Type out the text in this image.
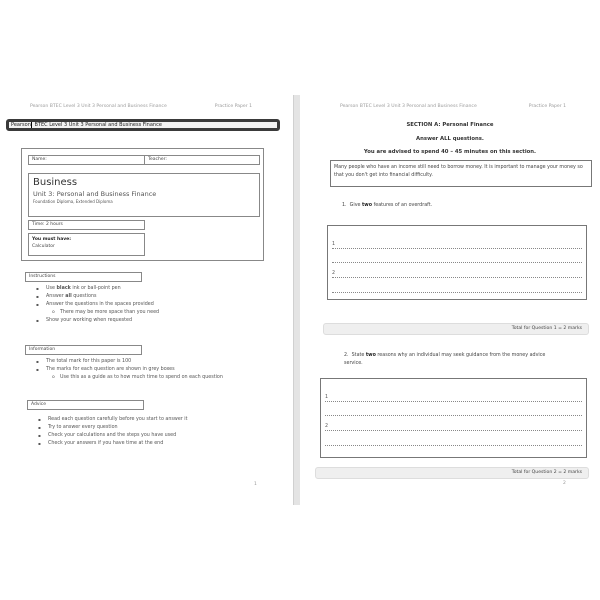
Pearson BTEC Level 3 Unit 3 Personal and Business Finance	Practice Paper 1
Pearson BTEC Level 3 Unit 3 Personal and Business Finance
Name:	Teacher:
Business
Unit 3: Personal and Business Finance
Foundation Diploma, Extended Diploma
Time: 2 hours
You must have:
Calculator
Instructions
▪ Use black ink or ball-point pen
▪ Answer all questions
▪ Answer the questions in the spaces provided
o There may be more space than you need
▪ Show your working when requested
Information
▪ The total mark for this paper is 100
▪ The marks for each question are shown in grey boxes
o Use this as a guide as to how much time to spend on each question
Advice
▪ Read each question carefully before you start to answer it
▪ Try to answer every question
▪ Check your calculations and the steps you have used
▪ Check your answers if you have time at the end
1
Pearson BTEC Level 3 Unit 3 Personal and Business Finance	Practice Paper 1
SECTION A: Personal Finance
Answer ALL questions.
You are advised to spend 40 – 45 minutes on this section.
Many people who have an income still need to borrow money. It is important to manage your money so that you don't get into financial difficulty.
1. Give two features of an overdraft.
1
2
Total for Question 1 = 2 marks
2. State two reasons why an individual may seek guidance from the money advice service.
1
2
Total for Question 2 = 2 marks
2
